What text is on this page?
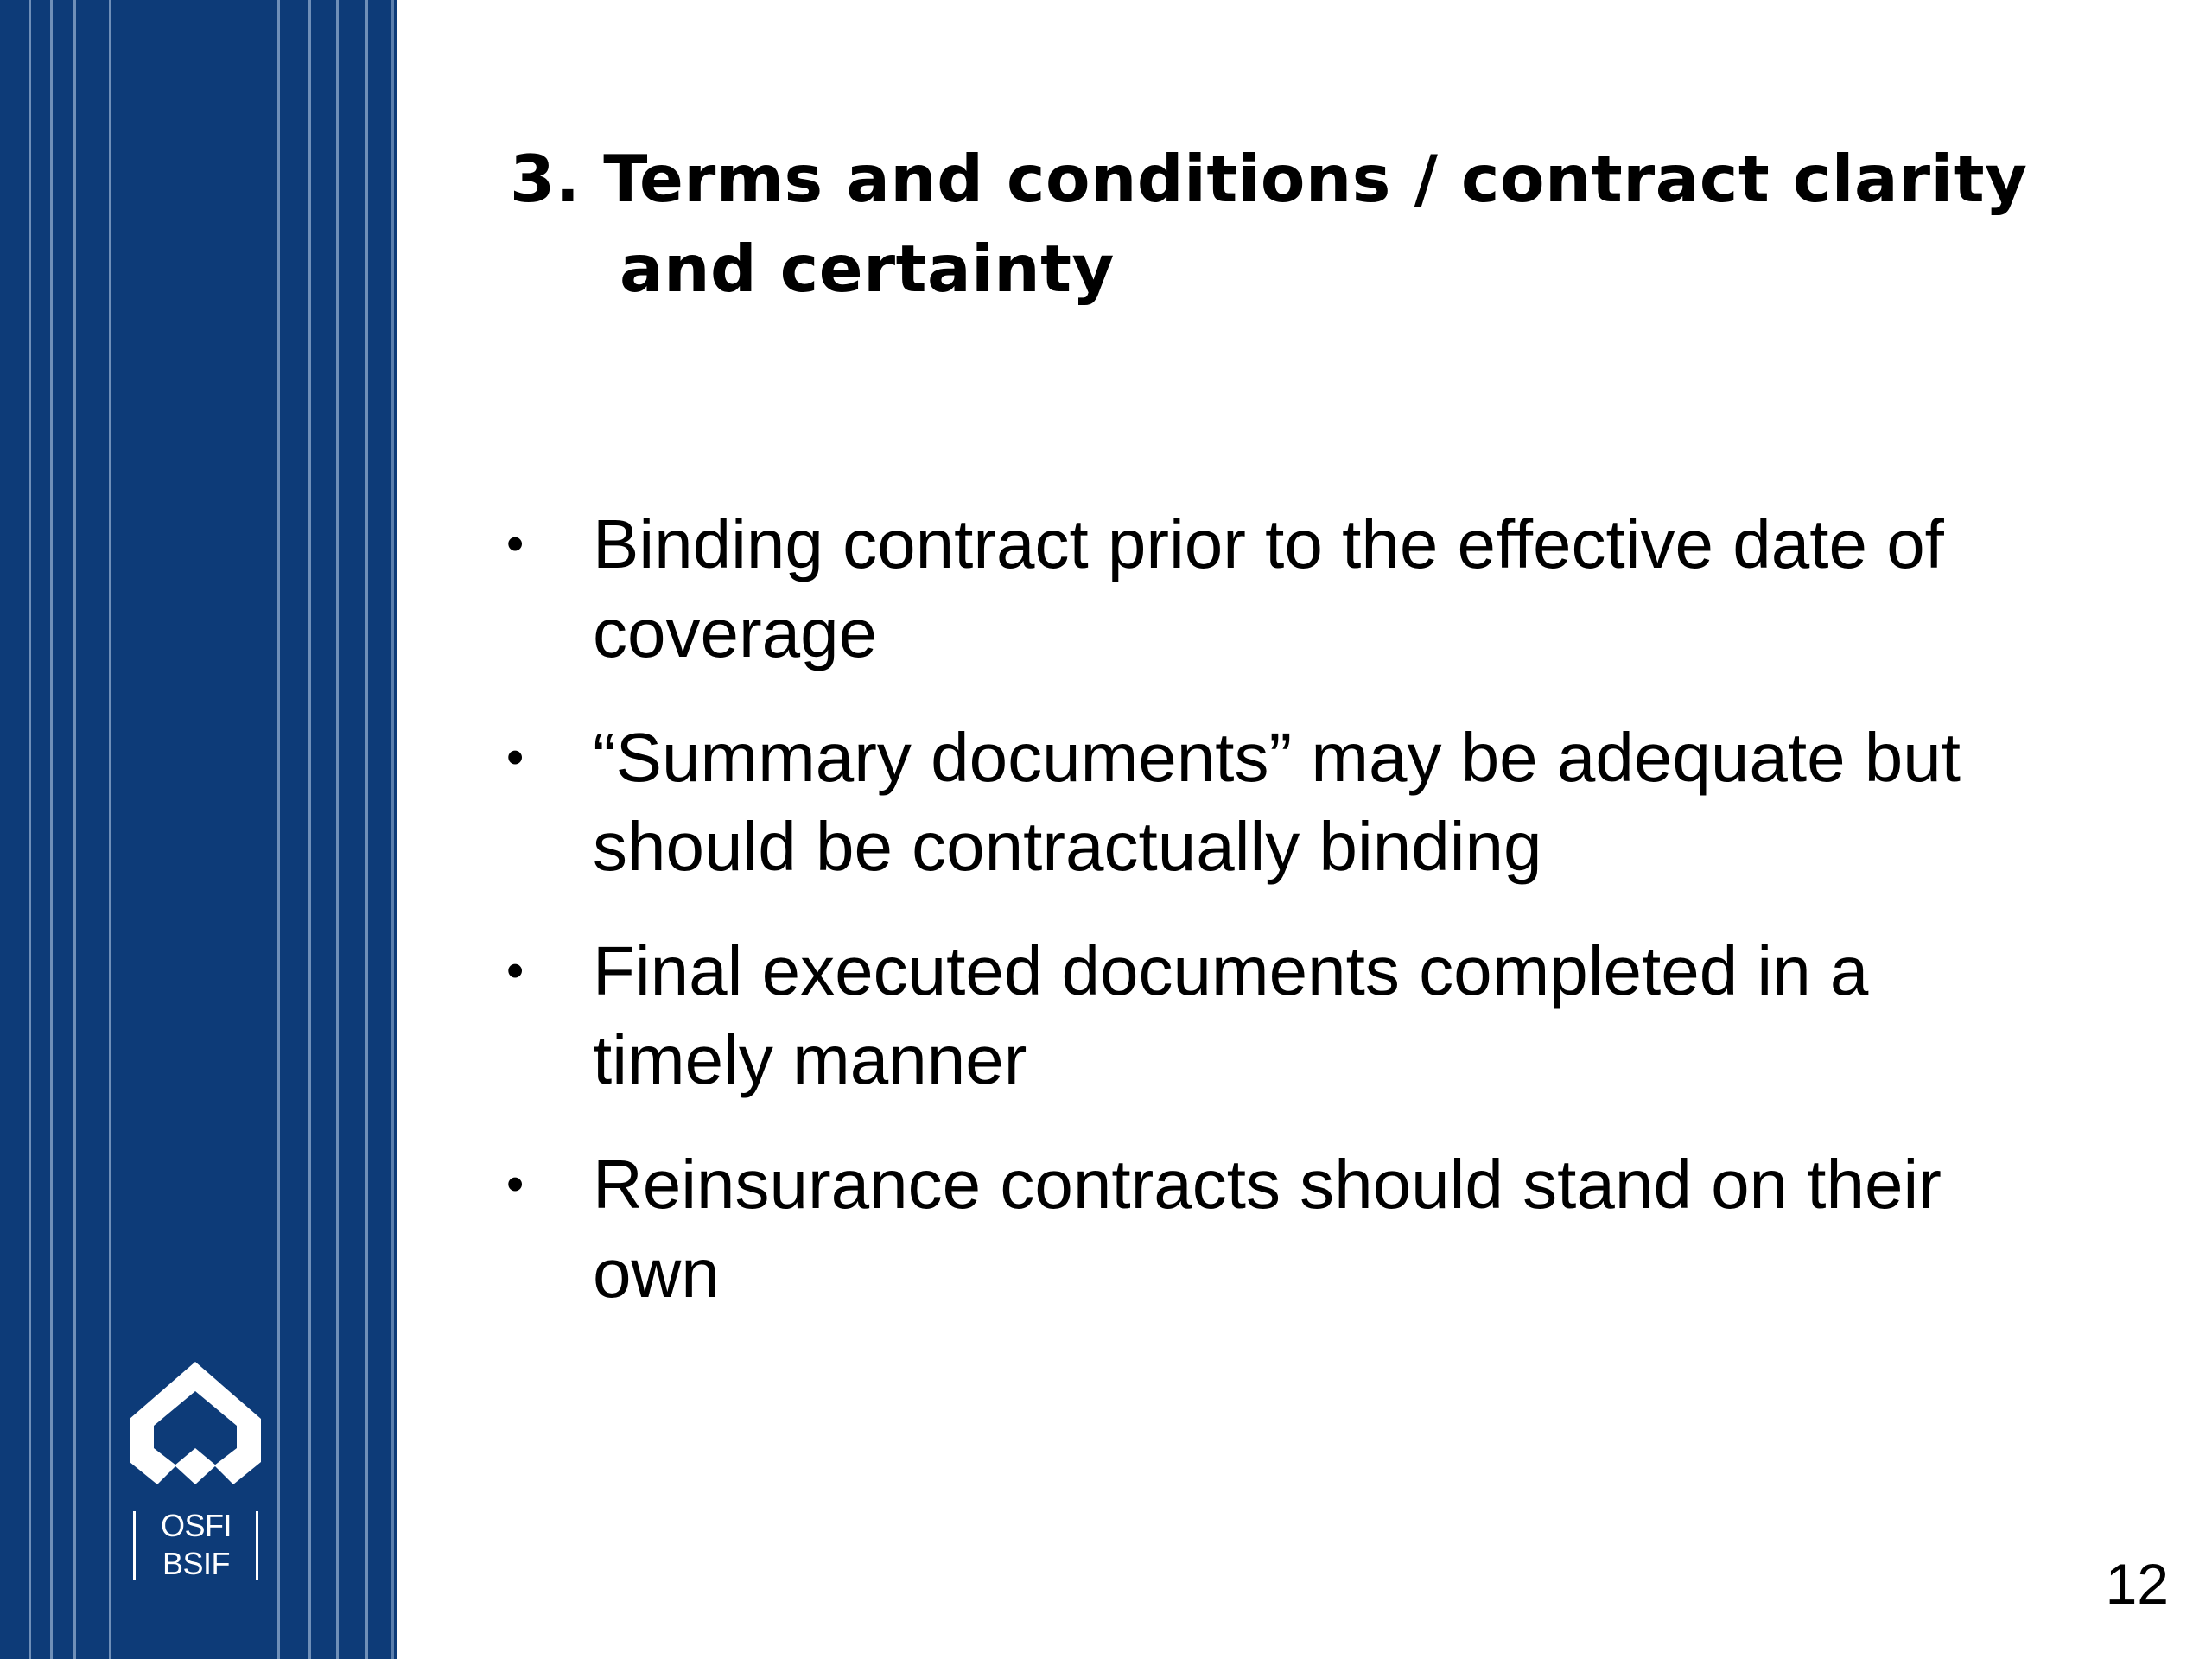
OSFI
BSIF
3. Terms and conditions / contract clarity and certainty
• Binding contract prior to the effective date of coverage
• “Summary documents” may be adequate but should be contractually binding
• Final executed documents completed in a timely manner
• Reinsurance contracts should stand on their own
12
